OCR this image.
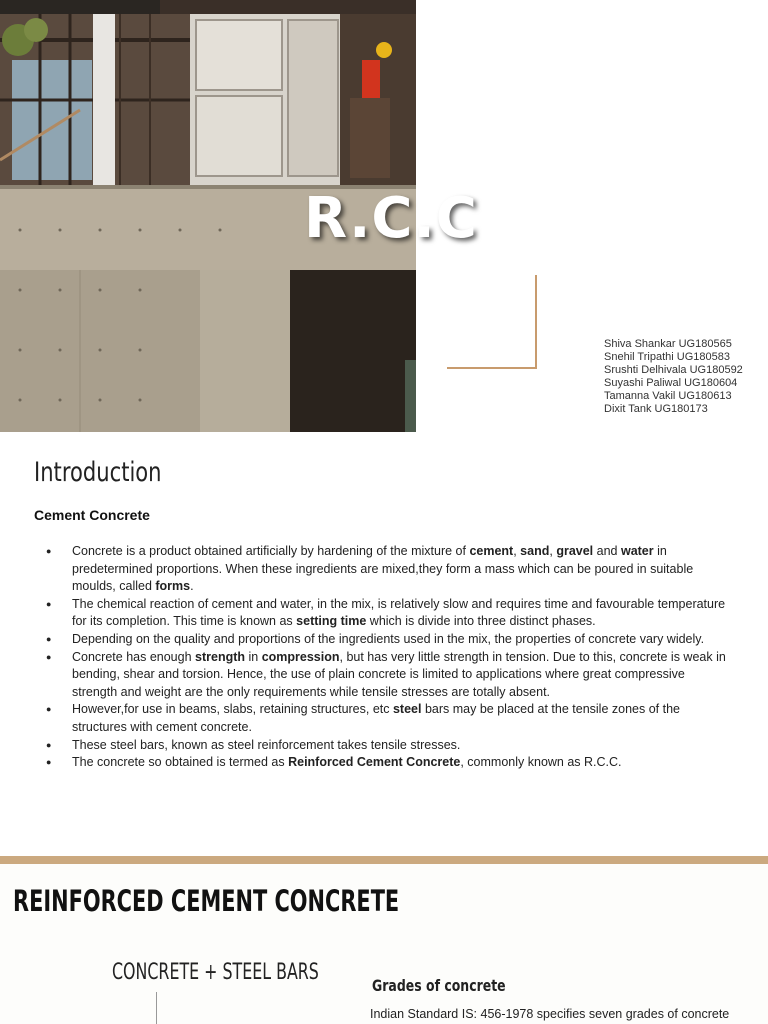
R.C.C
Shiva Shankar UG180565
Snehil Tripathi UG180583
Srushti Delhivala UG180592
Suyashi Paliwal UG180604
Tamanna Vakil UG180613
Dixit Tank UG180173
Introduction
Cement Concrete
● Concrete is a product obtained artificially by hardening of the mixture of cement, sand, gravel and water in predetermined proportions. When these ingredients are mixed,they form a mass which can be poured in suitable moulds, called forms.
● The chemical reaction of cement and water, in the mix, is relatively slow and requires time and favourable temperature for its completion. This time is known as setting time which is divide into three distinct phases.
● Depending on the quality and proportions of the ingredients used in the mix, the properties of concrete vary widely.
● Concrete has enough strength in compression, but has very little strength in tension. Due to this, concrete is weak in bending, shear and torsion. Hence, the use of plain concrete is limited to applications where great compressive strength and weight are the only requirements while tensile stresses are totally absent.
● However,for use in beams, slabs, retaining structures, etc steel bars may be placed at the tensile zones of the structures with cement concrete.
● These steel bars, known as steel reinforcement takes tensile stresses.
● The concrete so obtained is termed as Reinforced Cement Concrete, commonly known as R.C.C.
REINFORCED CEMENT CONCRETE
CONCRETE + STEEL BARS
Grades of concrete

Indian Standard IS: 456-1978 specifies seven grades of concrete
